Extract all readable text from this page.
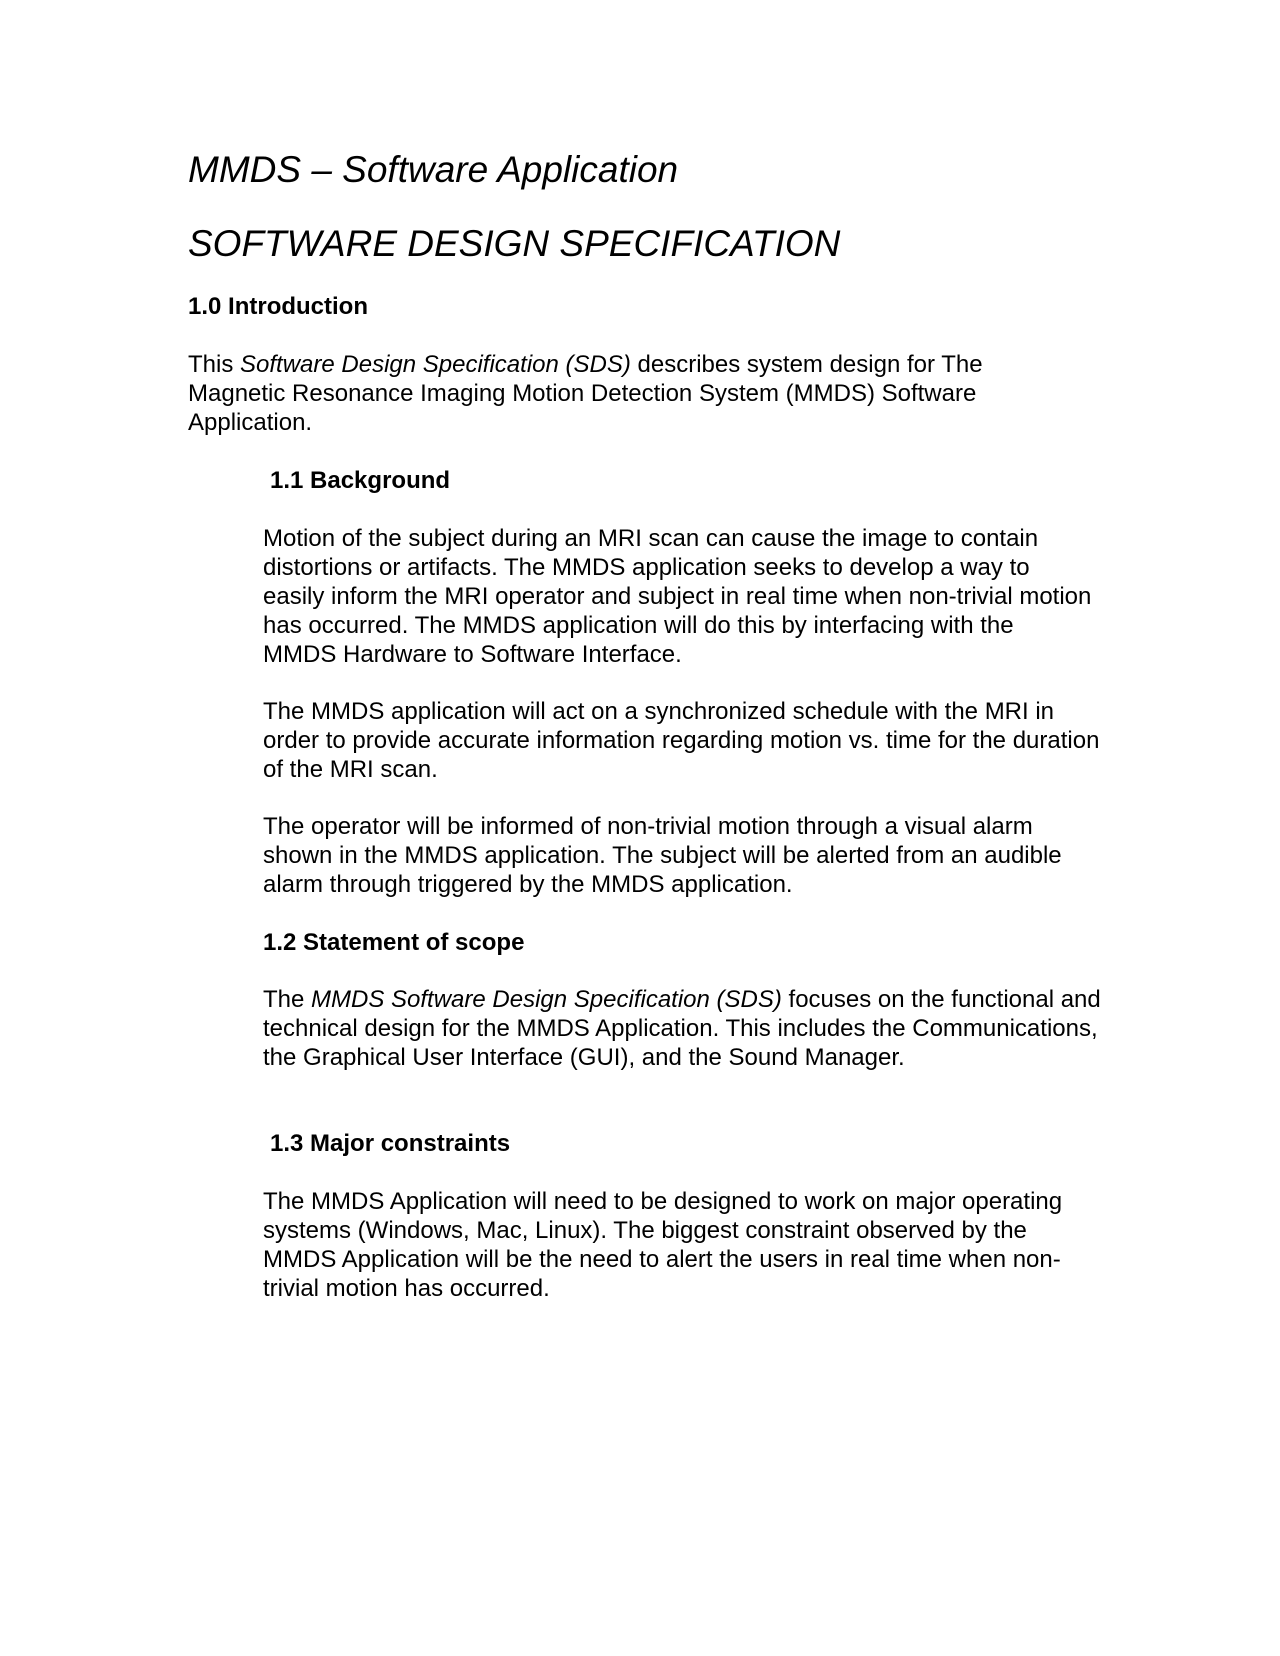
MMDS – Software Application
SOFTWARE DESIGN SPECIFICATION
1.0 Introduction

This Software Design Specification (SDS) describes system design for The Magnetic Resonance Imaging Motion Detection System (MMDS) Software Application.

1.1 Background

Motion of the subject during an MRI scan can cause the image to contain distortions or artifacts. The MMDS application seeks to develop a way to easily inform the MRI operator and subject in real time when non-trivial motion has occurred. The MMDS application will do this by interfacing with the MMDS Hardware to Software Interface.

The MMDS application will act on a synchronized schedule with the MRI in order to provide accurate information regarding motion vs. time for the duration of the MRI scan.

The operator will be informed of non-trivial motion through a visual alarm shown in the MMDS application. The subject will be alerted from an audible alarm through triggered by the MMDS application.

1.2 Statement of scope

The MMDS Software Design Specification (SDS) focuses on the functional and technical design for the MMDS Application. This includes the Communications, the Graphical User Interface (GUI), and the Sound Manager.

1.3 Major constraints

The MMDS Application will need to be designed to work on major operating systems (Windows, Mac, Linux). The biggest constraint observed by the MMDS Application will be the need to alert the users in real time when non-trivial motion has occurred.
